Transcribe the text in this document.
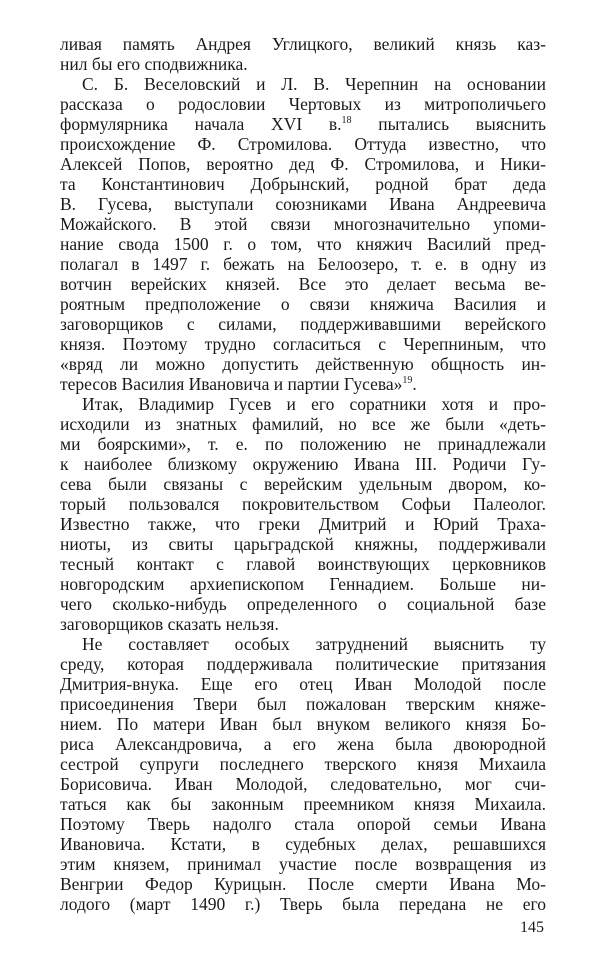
ливая память Андрея Углицкого, великий князь каз-
нил бы его сподвижника.
С. Б. Веселовский и Л. В. Черепнин на основании
рассказа о родословии Чертовых из митрополичьего
формулярника начала XVI в.$^{18}$ пытались выяснить
происхождение Ф. Стромилова. Оттуда известно, что
Алексей Попов, вероятно дед Ф. Стромилова, и Ники-
та Константинович Добрынский, родной брат деда
В. Гусева, выступали союзниками Ивана Андреевича
Можайского. В этой связи многозначительно упоми-
нание свода 1500 г. о том, что княжич Василий пред-
полагал в 1497 г. бежать на Белоозеро, т. е. в одну из
вотчин верейских князей. Все это делает весьма ве-
роятным предположение о связи княжича Василия и
заговорщиков с силами, поддерживавшими верейского
князя. Поэтому трудно согласиться с Черепниным, что
«вряд ли можно допустить действенную общность ин-
тересов Василия Ивановича и партии Гусева»$^{19}$.
Итак, Владимир Гусев и его соратники хотя и про-
исходили из знатных фамилий, но все же были «деть-
ми боярскими», т. е. по положению не принадлежали
к наиболее близкому окружению Ивана III. Родичи Гу-
сева были связаны с верейским удельным двором, ко-
торый пользовался покровительством Софьи Палеолог.
Известно также, что греки Дмитрий и Юрий Траха-
ниоты, из свиты царьградской княжны, поддерживали
тесный контакт с главой воинствующих церковников
новгородским архиепископом Геннадием. Больше ни-
чего сколько-нибудь определенного о социальной базе
заговорщиков сказать нельзя.
Не составляет особых затруднений выяснить ту
среду, которая поддерживала политические притязания
Дмитрия-внука. Еще его отец Иван Молодой после
присоединения Твери был пожалован тверским княже-
нием. По матери Иван был внуком великого князя Бо-
риса Александровича, а его жена была двоюродной
сестрой супруги последнего тверского князя Михаила
Борисовича. Иван Молодой, следовательно, мог счи-
таться как бы законным преемником князя Михаила.
Поэтому Тверь надолго стала опорой семьи Ивана
Ивановича. Кстати, в судебных делах, решавшихся
этим князем, принимал участие после возвращения из
Венгрии Федор Курицын. После смерти Ивана Мо-
лодого (март 1490 г.) Тверь была передана не его
145
